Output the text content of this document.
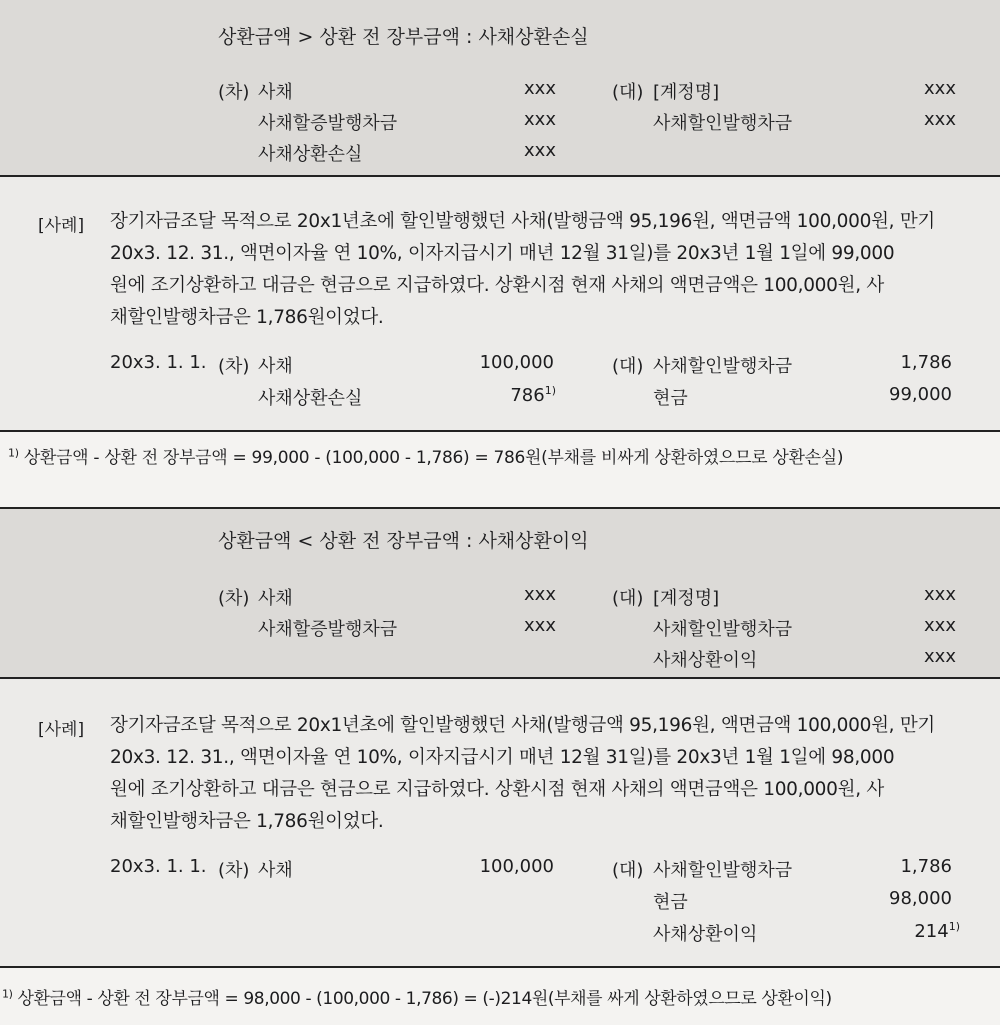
상환금액 > 상환 전 장부금액 : 사채상환손실
(차) 사채
사채할증발행차금
사채상환손실
xxx
xxx
xxx
(대) [계정명]
사채할인발행차금
xxx
xxx
[사례] 장기자금조달 목적으로 20x1년초에 할인발행했던 사채(발행금액 95,196원, 액면금액 100,000원, 만기
20x3. 12. 31., 액면이자율 연 10%, 이자지급시기 매년 12월 31일)를 20x3년 1월 1일에 99,000
원에 조기상환하고 대금은 현금으로 지급하였다. 상환시점 현재 사채의 액면금액은 100,000원, 사
채할인발행차금은 1,786원이었다.
20x3. 1. 1. (차) 사채
사채상환손실
100,000
786$^{1)}$
(대) 사채할인발행차금
현금
1,786
99,000
$^{1)}$ 상환금액 - 상환 전 장부금액 = 99,000 - (100,000 - 1,786) = 786원(부채를 비싸게 상환하였으므로 상환손실)
상환금액 < 상환 전 장부금액 : 사채상환이익
(차) 사채
사채할증발행차금
xxx
xxx
(대) [계정명]
사채할인발행차금
사채상환이익
xxx
xxx
xxx
[사례] 장기자금조달 목적으로 20x1년초에 할인발행했던 사채(발행금액 95,196원, 액면금액 100,000원, 만기
20x3. 12. 31., 액면이자율 연 10%, 이자지급시기 매년 12월 31일)를 20x3년 1월 1일에 98,000
원에 조기상환하고 대금은 현금으로 지급하였다. 상환시점 현재 사채의 액면금액은 100,000원, 사
채할인발행차금은 1,786원이었다.
20x3. 1. 1. (차) 사채	100,000	(대) 사채할인발행차금
현금
사채상환이익
1,786
98,000
214$^{1)}$
$^{1)}$ 상환금액 - 상환 전 장부금액 = 98,000 - (100,000 - 1,786) = (-)214원(부채를 싸게 상환하였으므로 상환이익)
